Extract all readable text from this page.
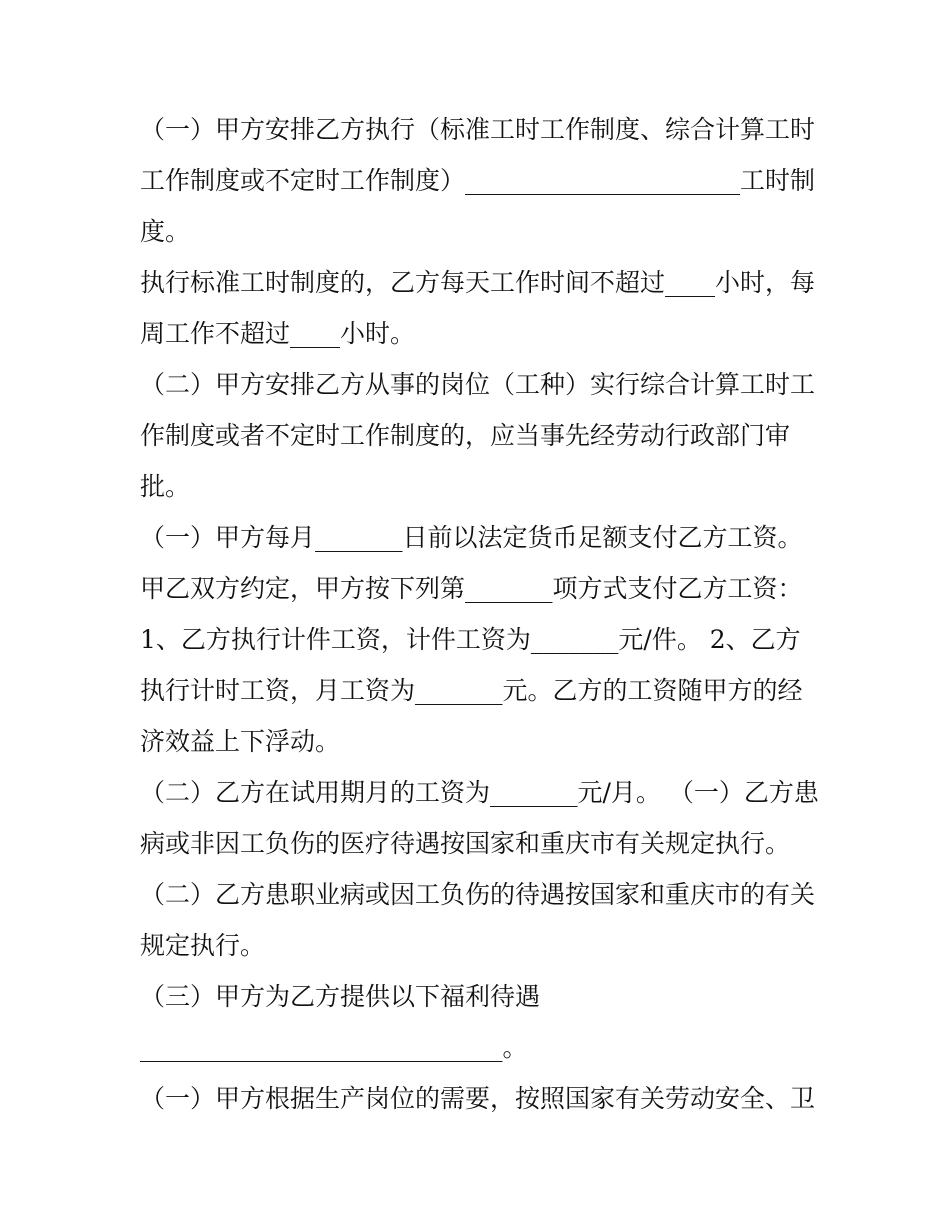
（一）甲方安排乙方执行（标准工时工作制度、综合计算工时工作制度或不定时工作制度）______________________工时制度。

执行标准工时制度的，乙方每天工作时间不超过____小时，每周工作不超过____小时。

（二）甲方安排乙方从事的岗位（工种）实行综合计算工时工作制度或者不定时工作制度的，应当事先经劳动行政部门审批。

（一）甲方每月_______日前以法定货币足额支付乙方工资。

甲乙双方约定，甲方按下列第_______项方式支付乙方工资：

1、乙方执行计件工资，计件工资为_______元/件。 2、乙方执行计时工资，月工资为_______元。乙方的工资随甲方的经济效益上下浮动。

（二）乙方在试用期月的工资为_______元/月。 （一）乙方患病或非因工负伤的医疗待遇按国家和重庆市有关规定执行。

（二）乙方患职业病或因工负伤的待遇按国家和重庆市的有关规定执行。

（三）甲方为乙方提供以下福利待遇

_____________________________。

（一）甲方根据生产岗位的需要，按照国家有关劳动安全、卫
